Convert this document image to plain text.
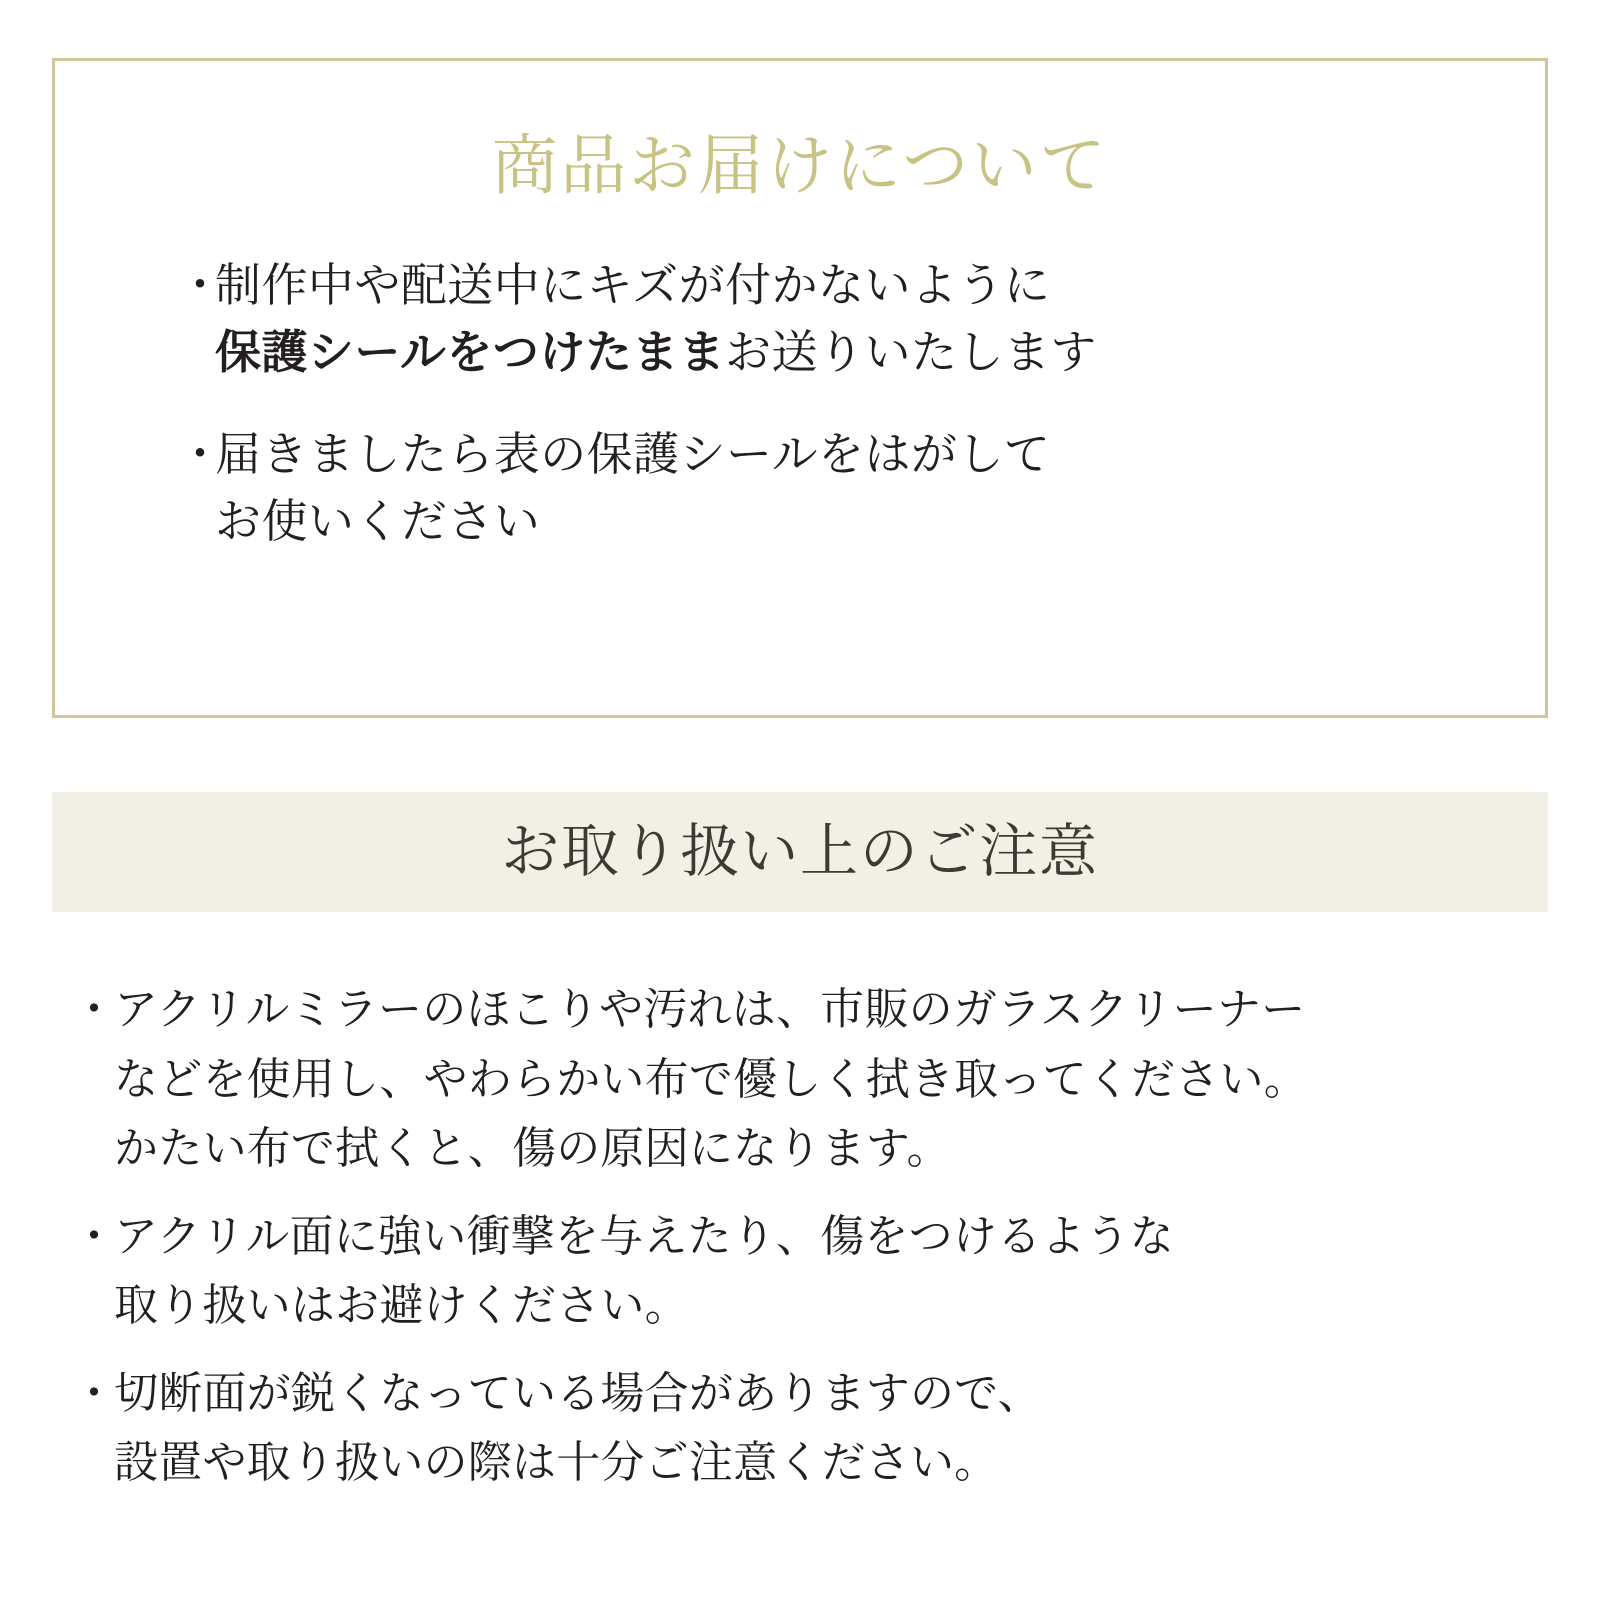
商品お届けについて
・
制作中や配送中にキズが付かないように
保護シールをつけたままお送りいたします
・
届きましたら表の保護シールをはがして
お使いください
お取り扱い上のご注意
・
アクリルミラーのほこりや汚れは、市販のガラスクリーナー
などを使用し、やわらかい布で優しく拭き取ってください。
かたい布で拭くと、傷の原因になります。
・
アクリル面に強い衝撃を与えたり、傷をつけるような
取り扱いはお避けください。
・
切断面が鋭くなっている場合がありますので、
設置や取り扱いの際は十分ご注意ください。
